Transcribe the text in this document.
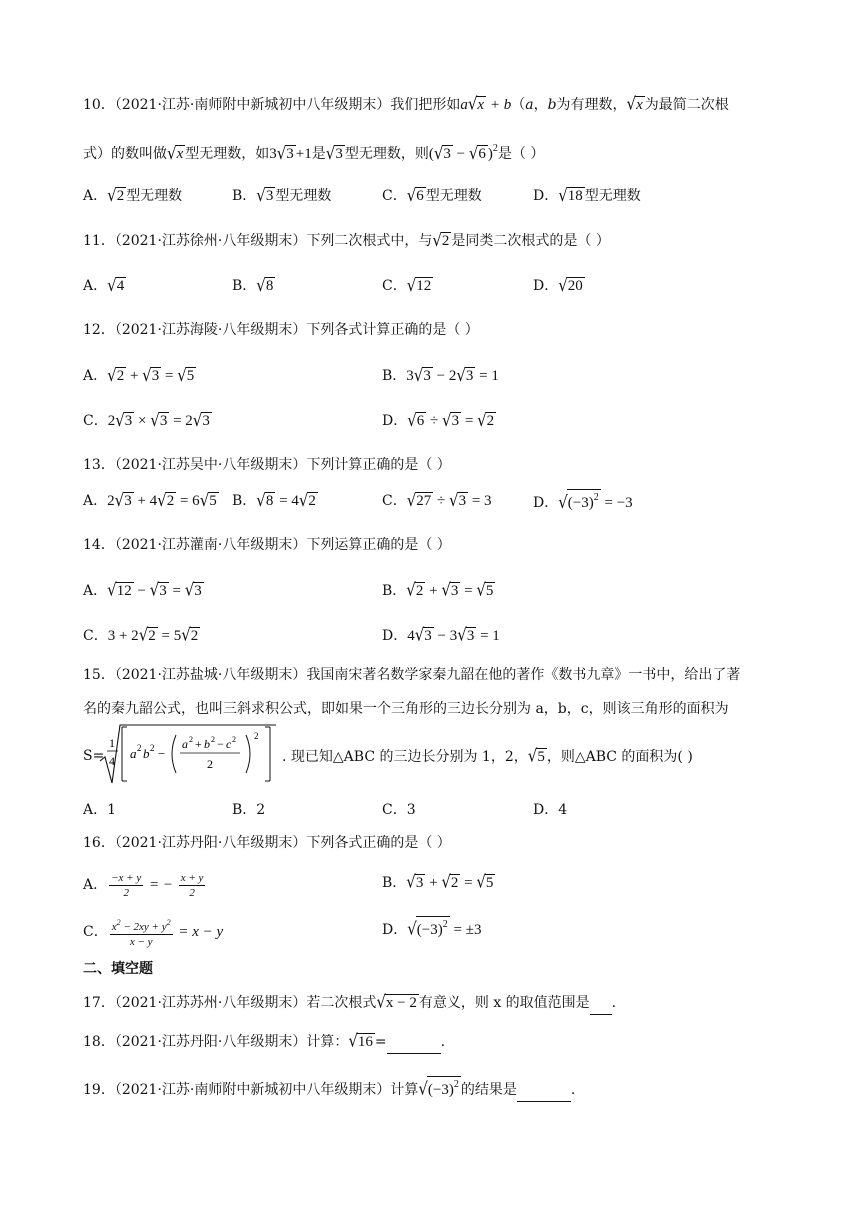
10．（2021·江苏·南师附中新城初中八年级期末）我们把形如a√x + b（a，b为有理数，√x 为最简二次根
式）的数叫做√x 型无理数，如3√3 +1是√3 型无理数，则(√3 − √6 )$^2$是（ ）
A．√2 型无理数	B．√3 型无理数	C．√6 型无理数	D．√18 型无理数
11．（2021·江苏徐州·八年级期末）下列二次根式中，与√2 是同类二次根式的是（ ）
A．√4	B．√8	C．√12	D．√20
12．（2021·江苏海陵·八年级期末）下列各式计算正确的是（ ）
A．√2 + √3 = √5	B．3√3 − 2√3 = 1
C．2√3 × √3 = 2√3	D．√6 ÷ √3 = √2
13．（2021·江苏吴中·八年级期末）下列计算正确的是（ ）
A．2√3 + 4√2 = 6√5 B．√8 = 4√2	C．√27 ÷ √3 = 3	D．$√(-3)^2 = -3$
14．（2021·江苏灌南·八年级期末）下列运算正确的是（ ）
A．√12 − √3 = √3	B．√2 + √3 = √5
C．3 + 2√2 = 5√2	D．4√3 − 3√3 = 1
15．（2021·江苏盐城·八年级期末）我国南宋著名数学家秦九韶在他的著作《数书九章》一书中，给出了著
名的秦九韶公式，也叫三斜求积公式，即如果一个三角形的三边长分别为 a，b，c，则该三角形的面积为
S=
1
4 a 2 b 2 −
a 2 + b 2 − c 2
2
2
. 现已知△ABC 的三边长分别为 1，2，√5 ，则△ABC 的面积为( )
A．1	B．2	C．3	D．4
16．（2021·江苏丹阳·八年级期末）下列各式正确的是（ ）
A． $\frac{-x + y}{2}$ = − $\frac{x + y}{2}$	B．√3 + √2 = √5
C． $\frac{x^2 - 2xy + y^2}{x - y} = x - y$	D．$√(-3)^2 = \pm 3$
二、填空题
17．（2021·江苏苏州·八年级期末）若二次根式√x − 2 有意义，则 x 的取值范围是 .
18．（2021·江苏丹阳·八年级期末）计算：√16 =	.
19．（2021·江苏·南师附中新城初中八年级期末）计算$√(-3)^2$ 的结果是	.
